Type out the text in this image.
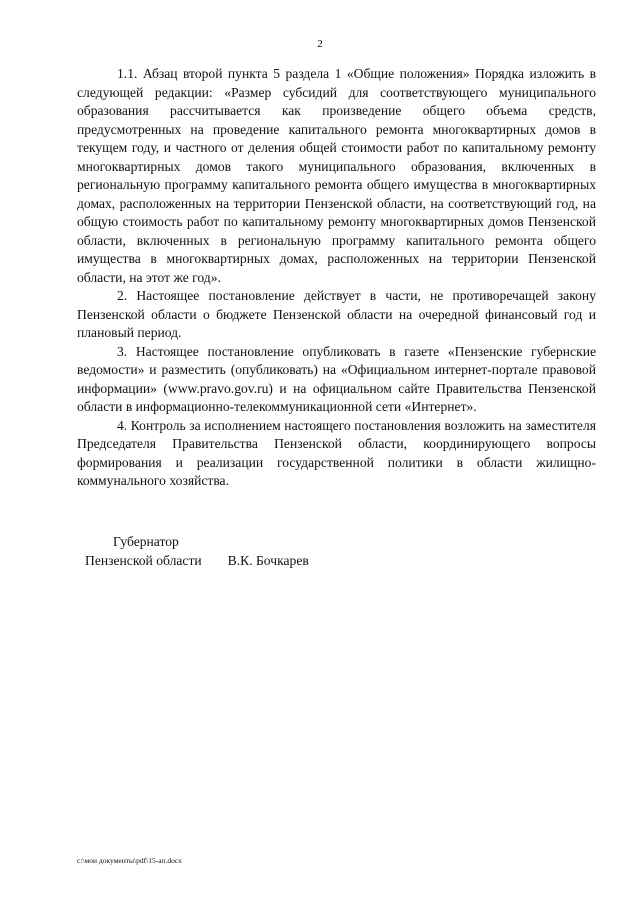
2

1.1. Абзац второй пункта 5 раздела 1 «Общие положения» Порядка изложить в следующей редакции: «Размер субсидий для соответствующего муниципального образования рассчитывается как произведение общего объема средств, предусмотренных на проведение капитального ремонта многоквартирных домов в текущем году, и частного от деления общей стоимости работ по капитальному ремонту многоквартирных домов такого муниципального образования, включенных в региональную программу капитального ремонта общего имущества в многоквартирных домах, расположенных на территории Пензенской области, на соответствующий год, на общую стоимость работ по капитальному ремонту многоквартирных домов Пензенской области, включенных в региональную программу капитального ремонта общего имущества в многоквартирных домах, расположенных на территории Пензенской области, на этот же год».

2. Настоящее постановление действует в части, не противоречащей закону Пензенской области о бюджете Пензенской области на очередной финансовый год и плановый период.

3. Настоящее постановление опубликовать в газете «Пензенские губернские ведомости» и разместить (опубликовать) на «Официальном интернет-портале правовой информации» (www.pravo.gov.ru) и на официальном сайте Правительства Пензенской области в информационно-телекоммуникационной сети «Интернет».

4. Контроль за исполнением настоящего постановления возложить на заместителя Председателя Правительства Пензенской области, координирующего вопросы формирования и реализации государственной политики в области жилищно-коммунального хозяйства.

Губернатор
Пензенской области В.К. Бочкарев
c:\мои документы\pdf\15-ап.docx
